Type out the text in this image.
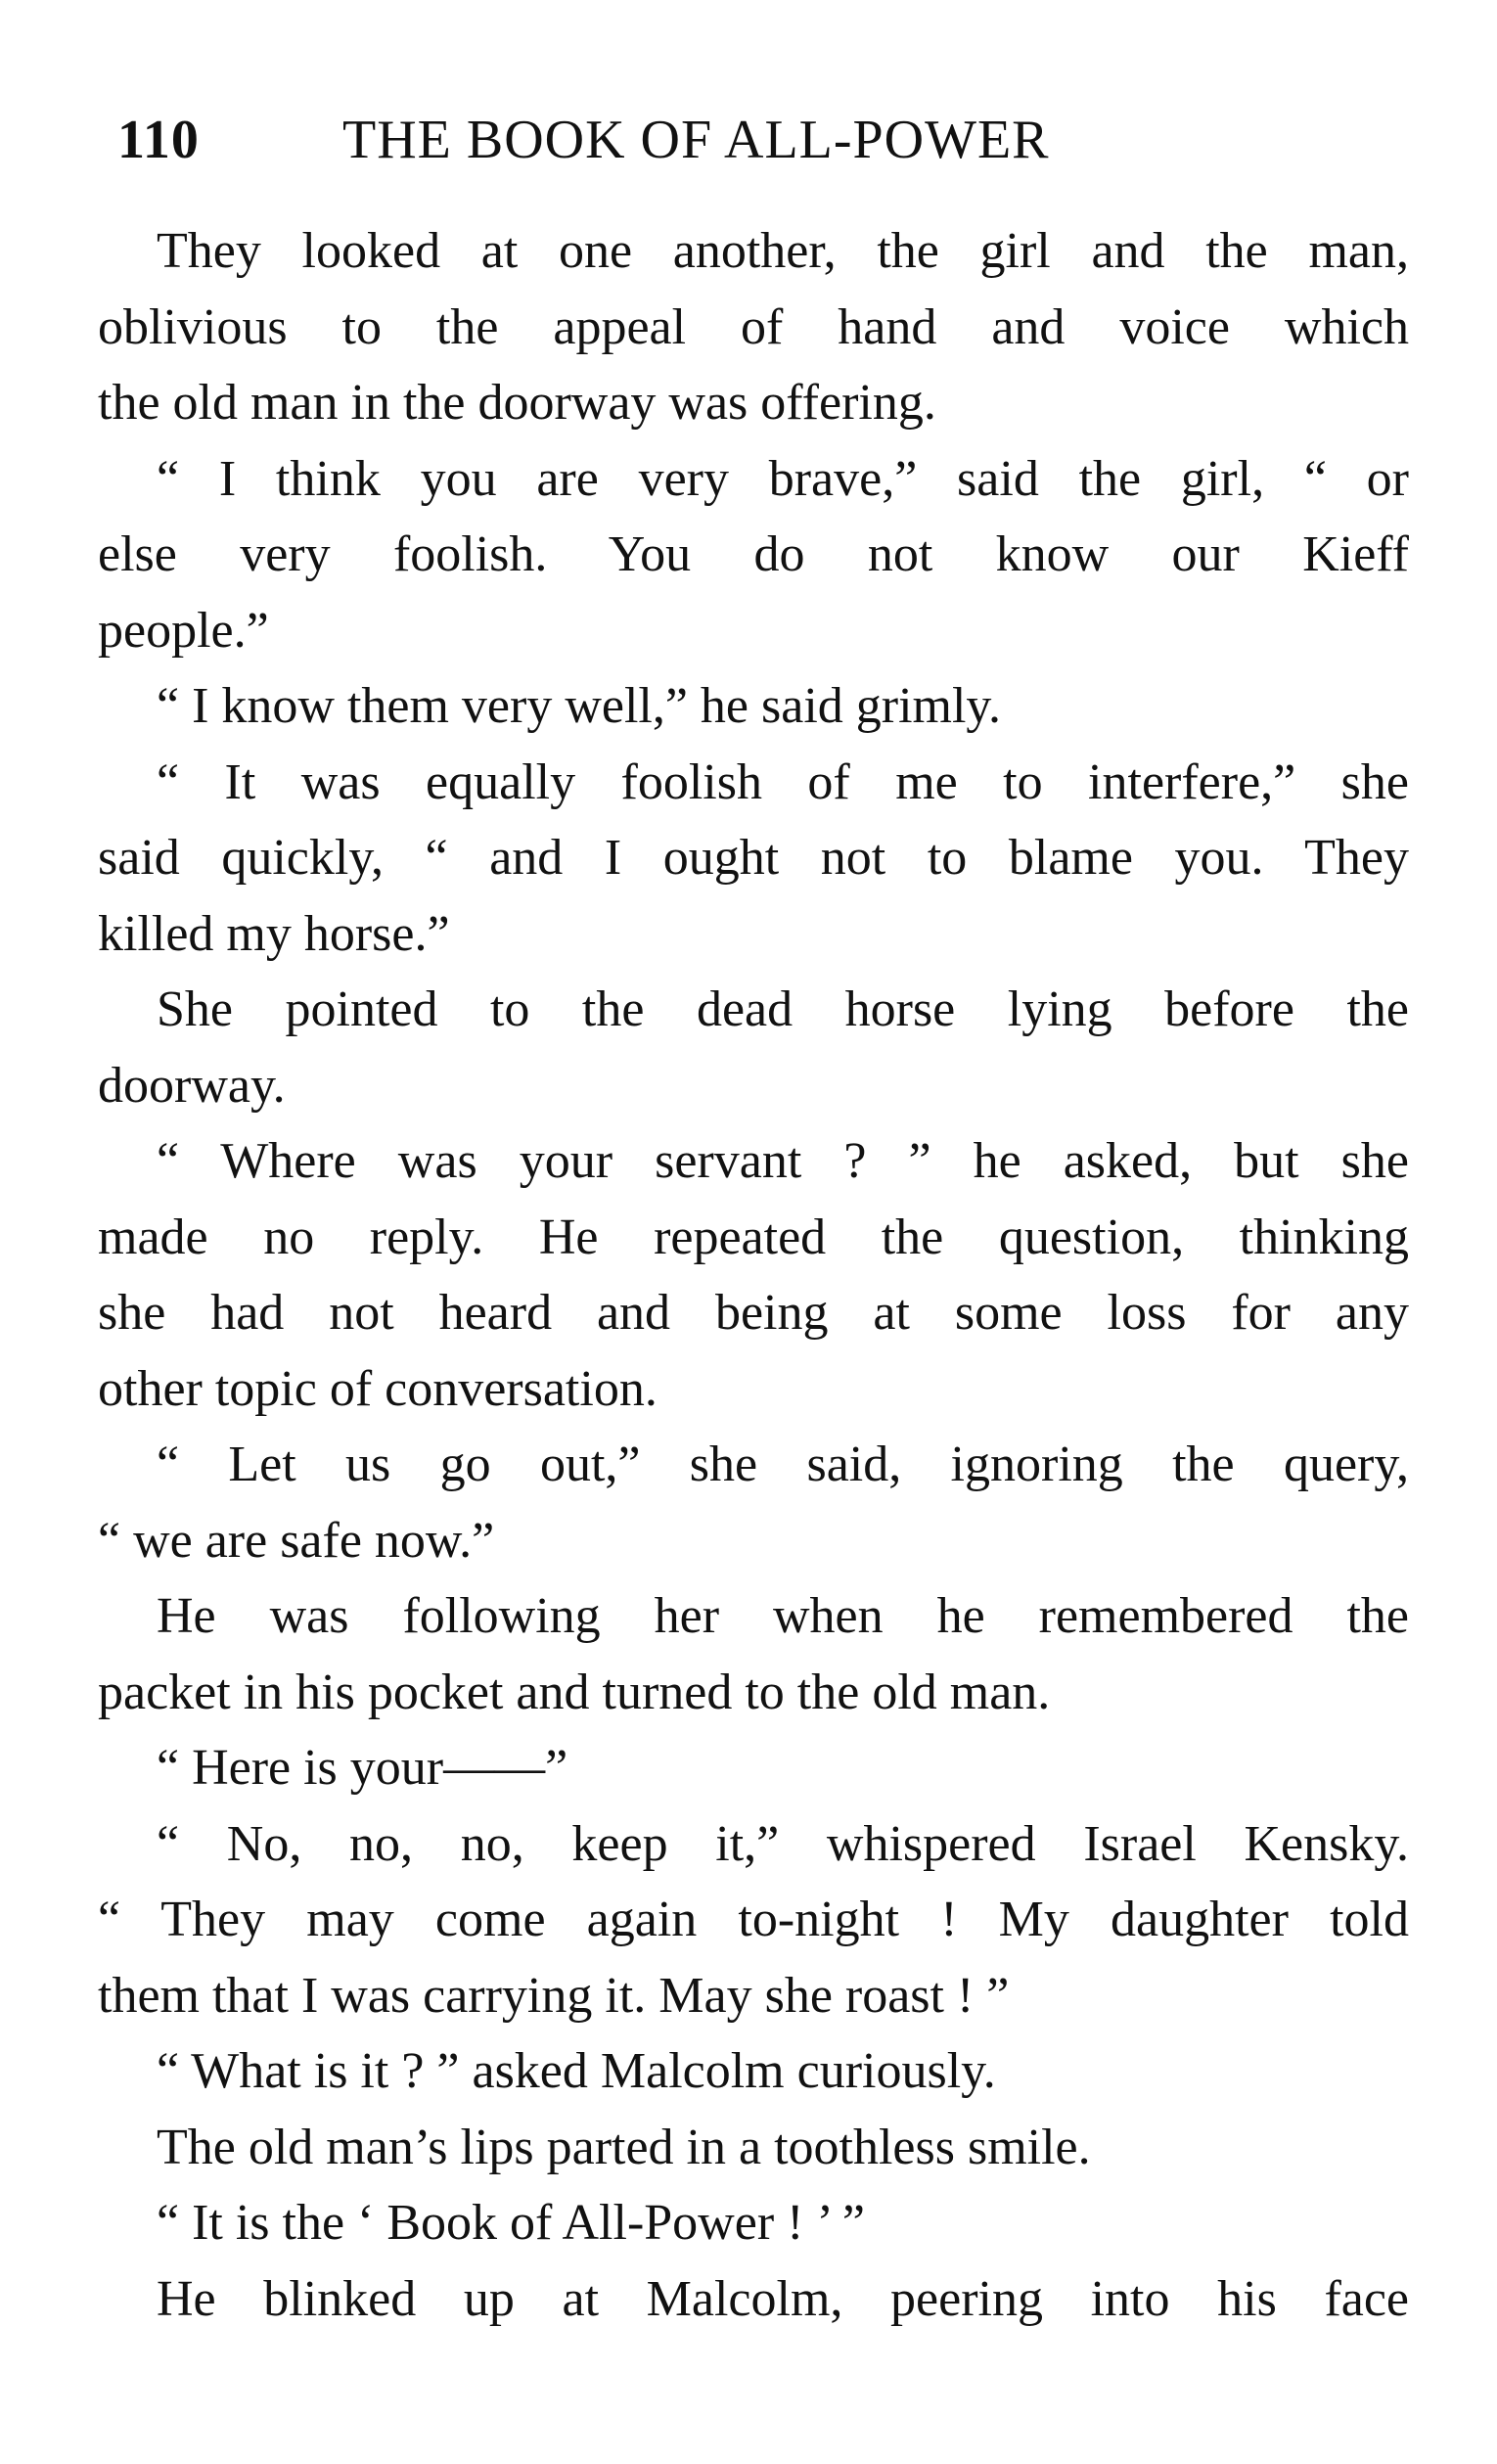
110	THE BOOK OF ALL-POWER
They looked at one another, the girl and the man,
oblivious to the appeal of hand and voice which
the old man in the doorway was offering.
“ I think you are very brave,” said the girl, “ or
else very foolish. You do not know our Kieff
people.”
“ I know them very well,” he said grimly.
“ It was equally foolish of me to interfere,” she
said quickly, “ and I ought not to blame you. They
killed my horse.”
She pointed to the dead horse lying before the
doorway.
“ Where was your servant ? ” he asked, but she
made no reply. He repeated the question, thinking
she had not heard and being at some loss for any
other topic of conversation.
“ Let us go out,” she said, ignoring the query,
“ we are safe now.”
He was following her when he remembered the
packet in his pocket and turned to the old man.
“ Here is your——”
“ No, no, no, keep it,” whispered Israel Kensky.
“ They may come again to-night ! My daughter told
them that I was carrying it. May she roast ! ”
“ What is it ? ” asked Malcolm curiously.
The old man’s lips parted in a toothless smile.
“ It is the ‘ Book of All-Power ! ’ ”
He blinked up at Malcolm, peering into his face
